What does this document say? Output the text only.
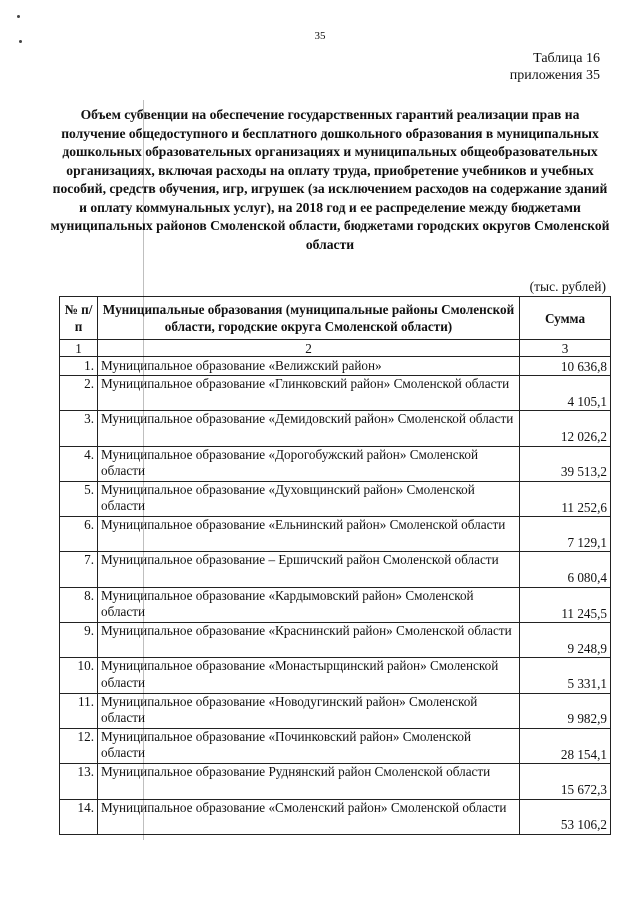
35
Таблица 16
приложения 35
Объем субвенции на обеспечение государственных гарантий реализации прав на получение общедоступного и бесплатного дошкольного образования в муниципальных дошкольных образовательных организациях и муниципальных общеобразовательных организациях, включая расходы на оплату труда, приобретение учебников и учебных пособий, средств обучения, игр, игрушек (за исключением расходов на содержание зданий и оплату коммунальных услуг), на 2018 год и ее распределение между бюджетами муниципальных районов Смоленской области, бюджетами городских округов Смоленской области
(тыс. рублей)
№ п/п	Муниципальные образования (муниципальные районы Смоленской области, городские округа Смоленской области)	Сумма
1	2	3
1.	Муниципальное образование «Велижский район»	10 636,8
2.	Муниципальное образование «Глинковский район» Смоленской области	4 105,1
3.	Муниципальное образование «Демидовский район» Смоленской области	12 026,2
4.	Муниципальное образование «Дорогобужский район» Смоленской области	39 513,2
5.	Муниципальное образование «Духовщинский район» Смоленской области	11 252,6
6.	Муниципальное образование «Ельнинский район» Смоленской области	7 129,1
7.	Муниципальное образование – Ершичский район Смоленской области	6 080,4
8.	Муниципальное образование «Кардымовский район» Смоленской области	11 245,5
9.	Муниципальное образование «Краснинский район» Смоленской области	9 248,9
10.	Муниципальное образование «Монастырщинский район» Смоленской области	5 331,1
11.	Муниципальное образование «Новодугинский район» Смоленской области	9 982,9
12.	Муниципальное образование «Починковский район» Смоленской области	28 154,1
13.	Муниципальное образование Руднянский район Смоленской области	15 672,3
14.	Муниципальное образование «Смоленский район» Смоленской области	53 106,2
